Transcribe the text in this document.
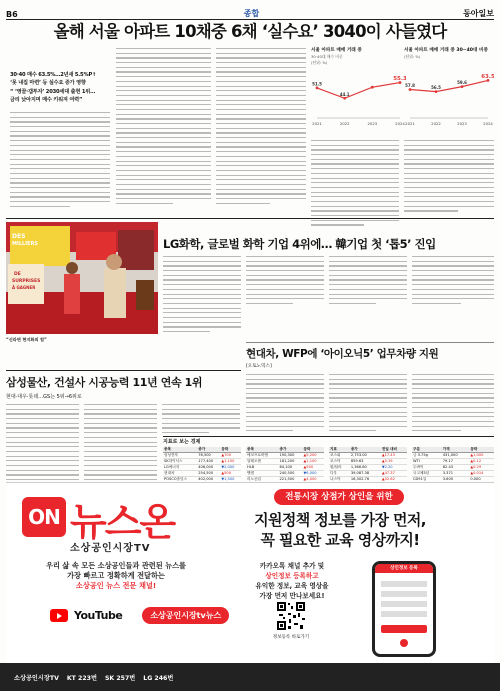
B6	종합	동아일보
올해 서울 아파트 10채중 6채 ‘실수요’ 3040이 사들였다
30·40 매수 63.5%…2년새 5.5%P↑
‘못 내집 마련’ 등 실수요 증가 영향
“ ‘영끌·갭투자’ 2030세대 출현 1위…
금리 낮아지며 매수 키워져 여력”
서울 아파트 매매 거래 중
30·40대 매수 비중
(단위: %)
51.5
2021
44.1
2022	2023
55.3
2024
서울 아파트 매매 거래 중 30~40대 비중
(단위: %)
57.8
2021
56.5
2022
59.6
2023
63.5
2024
DES
MILLIERS
DE
SURPRISES
À GAGNER
“신라면 현지화의 힘”
LG화학, 글로벌 화학 기업 4위에… 韓기업 첫 ‘톱5’ 진입
삼성물산, 건설사 시공능력 11년 연속 1위
현대·대우·롯데…GS는 5위→6위로
현대차, WFP에 ‘아이오닉5’ 업무차량 지원
[오토노믹스]
지표로 보는 경제
종목	종가	등락
삼성전자	76,500	▲700
SK하이닉스	177,400	▲1,100
LG에너지	406,000	▼2,000
현대차	254,500	▲500
POSCO홀딩스	402,000	▼1,500

종목	종가	등락
에코프로비엠	190,300	▲5,200
알테오젠	181,200	▲1,100
HLB	64,100	▲500
엔켐	240,500	▼6,000
리노공업	221,500	▲4,000

지표	종가	전일 대비
코스피	2,753.00	▲17.43
코스닥	859.63	▲5.19
원/달러	1,366.80	▼2.20
다우	39,087.38	▲47.37
나스닥	16,302.76	▲52.62

구분	가격	등락
금 3.75g	431,000	▲1,000
WTI	79.17	▲0.12
두바이	82.43	▲0.29
국고채3년	3.371	▲0.014
CD91일	3.600	0.000

ON 뉴스온
소상공인시장TV
전통시장 상점가 상인을 위한
지원정책 정보를 가장 먼저,
꼭 필요한 교육 영상까지!
우리 삶 속 모든 소상공인들과 관련된 뉴스를
가장 빠르고 정확하게 전달하는
소상공인 뉴스 전문 채널!
YouTube	소상공인시장tv뉴스
카카오톡 채널 추가 및
상인정보 등록하고
유익한 정보, 교육 영상을
가장 먼저 만나보세요!
정보등록 바로가기
상인정보 등록
소상공인시장TV KT 223번 SK 257번 LG 246번
